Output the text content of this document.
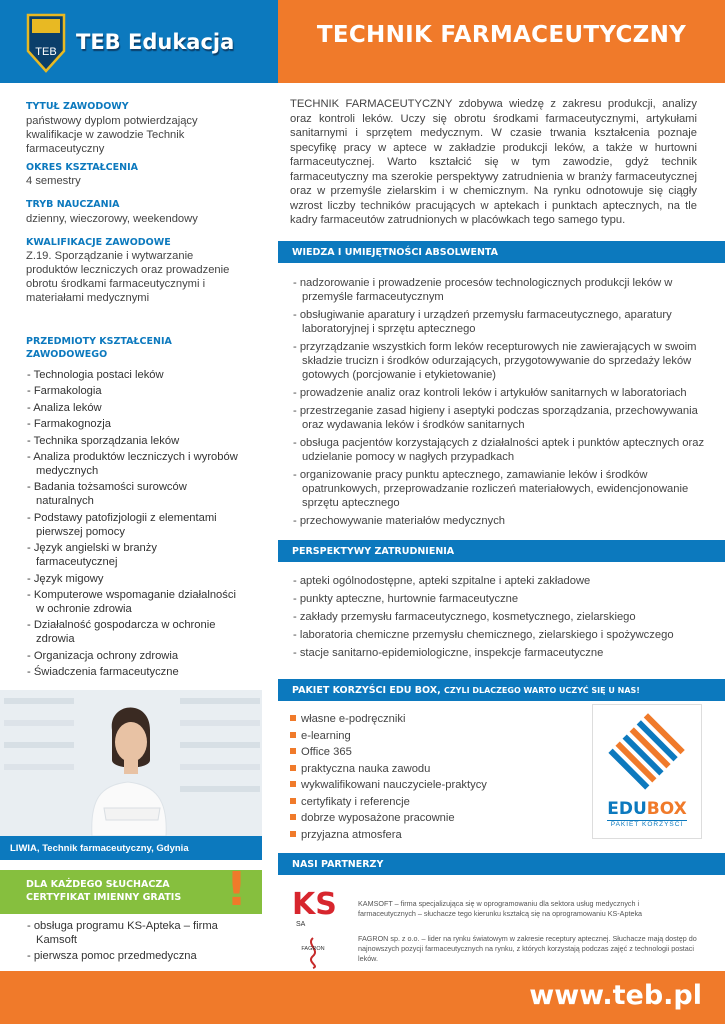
TEB TEB Edukacja	TECHNIK FARMACEUTYCZNY
TYTUŁ ZAWODOWY
państwowy dyplom potwierdzający kwalifikacje w zawodzie Technik farmaceutyczny
OKRES KSZTAŁCENIA
4 semestry
TRYB NAUCZANIA
dzienny, wieczorowy, weekendowy
KWALIFIKACJE ZAWODOWE
Z.19. Sporządzanie i wytwarzanie produktów leczniczych oraz prowadzenie obrotu środkami farmaceutycznymi i materiałami medycznymi
PRZEDMIOTY KSZTAŁCENIA ZAWODOWEGO
- Technologia postaci leków
- Farmakologia
- Analiza leków
- Farmakognozja
- Technika sporządzania leków
- Analiza produktów leczniczych i wyrobów medycznych
- Badania tożsamości surowców naturalnych
- Podstawy patofizjologii z elementami pierwszej pomocy
- Język angielski w branży farmaceutycznej
- Język migowy
- Komputerowe wspomaganie działalności w ochronie zdrowia
- Działalność gospodarcza w ochronie zdrowia
- Organizacja ochrony zdrowia
- Świadczenia farmaceutyczne
LIWIA, Technik farmaceutyczny, Gdynia
DLA KAŻDEGO SŁUCHACZA CERTYFIKAT IMIENNY GRATIS !
- obsługa programu KS-Apteka – firma Kamsoft
- pierwsza pomoc przedmedyczna
TECHNIK FARMACEUTYCZNY zdobywa wiedzę z zakresu produkcji, analizy oraz kontroli leków. Uczy się obrotu środkami farmaceutycznymi, artykułami sanitarnymi i sprzętem medycznym. W czasie trwania kształcenia poznaje specyfikę pracy w aptece w zakładzie produkcji leków, a także w hurtowni farmaceutycznej. Warto kształcić się w tym zawodzie, gdyż technik farmaceutyczny ma szerokie perspektywy zatrudnienia w branży farmaceutycznej oraz w przemyśle zielarskim i w chemicznym. Na rynku odnotowuje się ciągły wzrost liczby techników pracujących w aptekach i punktach aptecznych, na tle kadry farmaceutów zatrudnionych w placówkach tego samego typu.
WIEDZA I UMIEJĘTNOŚCI ABSOLWENTA
- nadzorowanie i prowadzenie procesów technologicznych produkcji leków w przemyśle farmaceutycznym
- obsługiwanie aparatury i urządzeń przemysłu farmaceutycznego, aparatury laboratoryjnej i sprzętu aptecznego
- przyrządzanie wszystkich form leków recepturowych nie zawierających w swoim składzie trucizn i środków odurzających, przygotowywanie do sprzedaży leków gotowych (porcjowanie i etykietowanie)
- prowadzenie analiz oraz kontroli leków i artykułów sanitarnych w laboratoriach
- przestrzeganie zasad higieny i aseptyki podczas sporządzania, przechowywania oraz wydawania leków i środków sanitarnych
- obsługa pacjentów korzystających z działalności aptek i punktów aptecznych oraz udzielanie pomocy w nagłych przypadkach
- organizowanie pracy punktu aptecznego, zamawianie leków i środków opatrunkowych, przeprowadzanie rozliczeń materiałowych, ewidencjonowanie sprzętu aptecznego
- przechowywanie materiałów medycznych
PERSPEKTYWY ZATRUDNIENIA
- apteki ogólnodostępne, apteki szpitalne i apteki zakładowe
- punkty apteczne, hurtownie farmaceutyczne
- zakłady przemysłu farmaceutycznego, kosmetycznego, zielarskiego
- laboratoria chemiczne przemysłu chemicznego, zielarskiego i spożywczego
- stacje sanitarno-epidemiologiczne, inspekcje farmaceutyczne
PAKIET KORZYŚCI EDU BOX, CZYLI DLACZEGO WARTO UCZYĆ SIĘ U NAS!
własne e-podręczniki
e-learning
Office 365
praktyczna nauka zawodu
wykwalifikowani nauczyciele-praktycy
certyfikaty i referencje
dobrze wyposażone pracownie
przyjazna atmosfera
EDUBOX
PAKIET KORZYŚCI
NASI PARTNERZY
KS
SA
KAMSOFT – firma specjalizująca się w oprogramowaniu dla sektora usług medycznych i farmaceutycznych – słuchacze tego kierunku kształcą się na oprogramowaniu KS-Apteka
FAGRON
FAGRON sp. z o.o. – lider na rynku światowym w zakresie receptury aptecznej. Słuchacze mają dostęp do najnowszych pozycji farmaceutycznych na rynku, z których korzystają podczas zajęć z technologii postaci leków.
www.teb.pl
